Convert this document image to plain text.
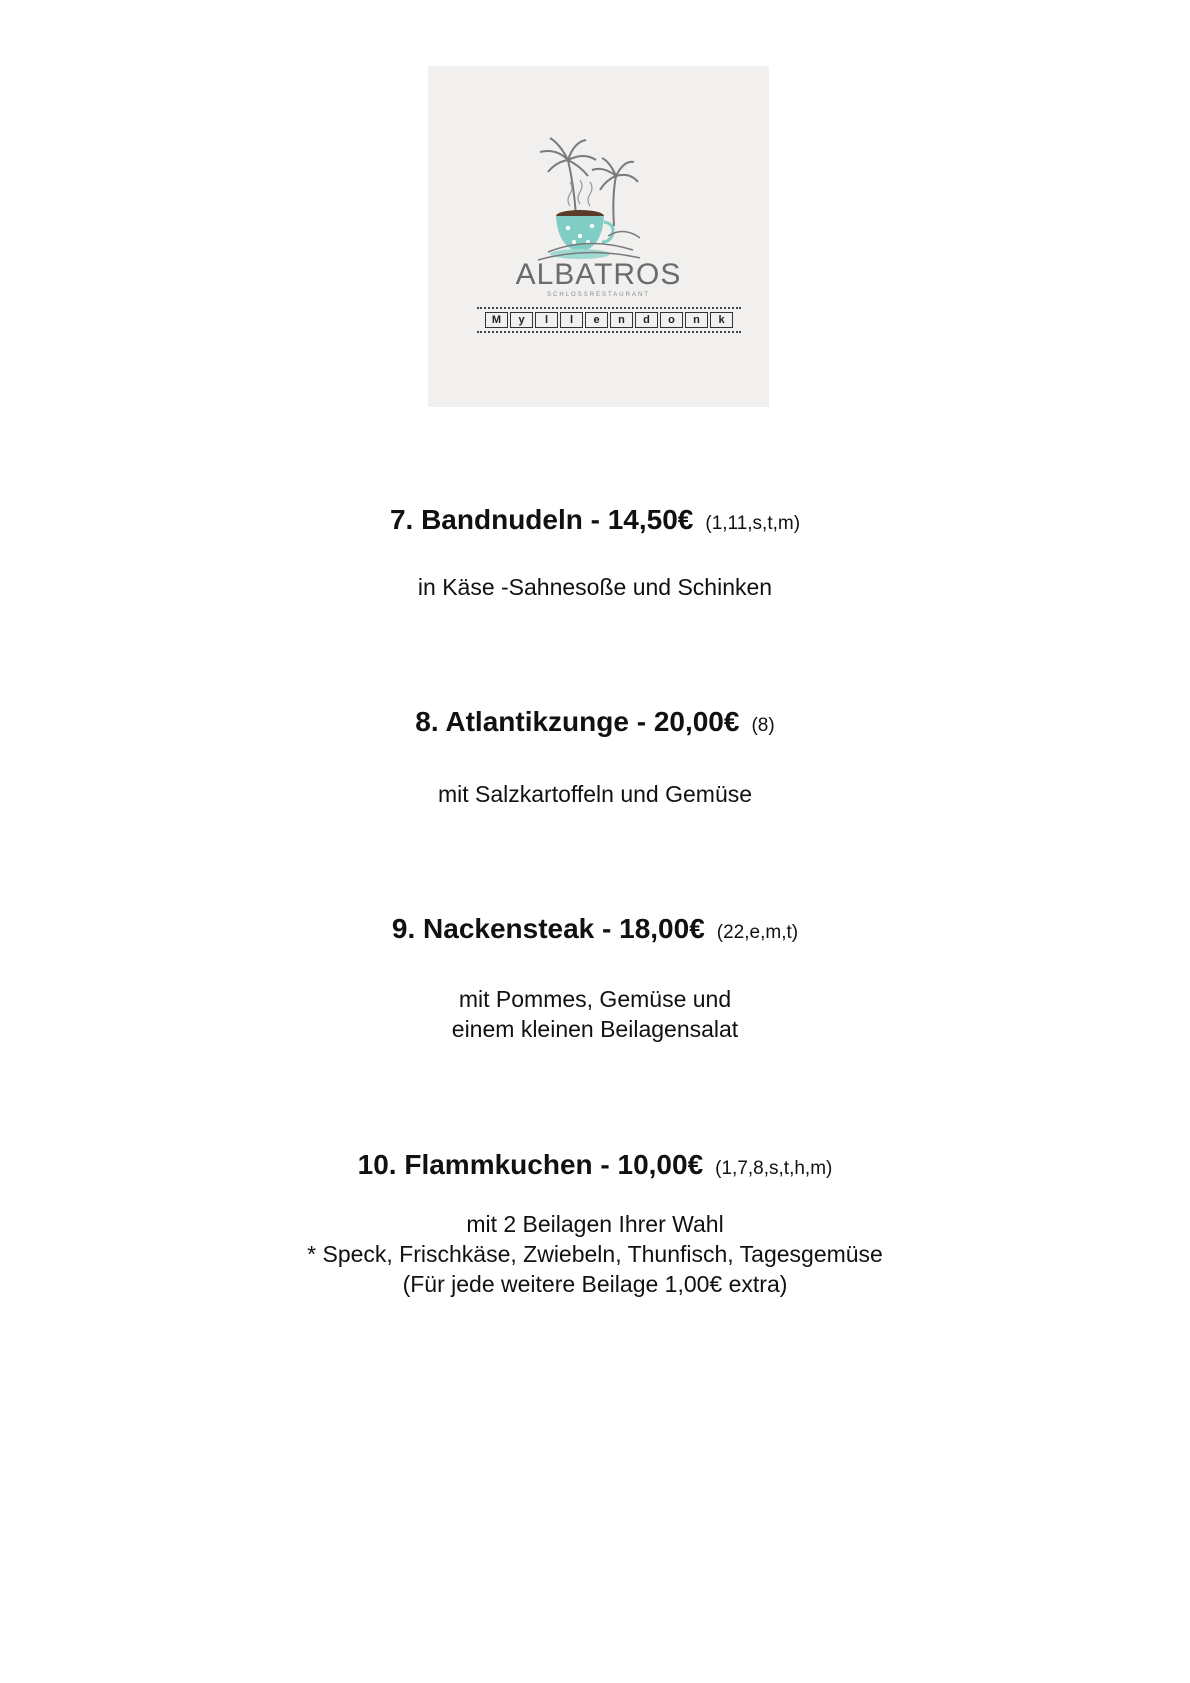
ALBATROS
SCHLOSSRESTAURANT
M	y	l	l	e	n	d	o	n	k
7. Bandnudeln - 14,50€ (1,11,s,t,m)
in Käse -Sahnesoße und Schinken
8. Atlantikzunge - 20,00€ (8)
mit Salzkartoffeln und Gemüse
9. Nackensteak - 18,00€ (22,e,m,t)
mit Pommes, Gemüse und
einem kleinen Beilagensalat
10. Flammkuchen - 10,00€ (1,7,8,s,t,h,m)
mit 2 Beilagen Ihrer Wahl
* Speck, Frischkäse, Zwiebeln, Thunfisch, Tagesgemüse
(Für jede weitere Beilage 1,00€ extra)
